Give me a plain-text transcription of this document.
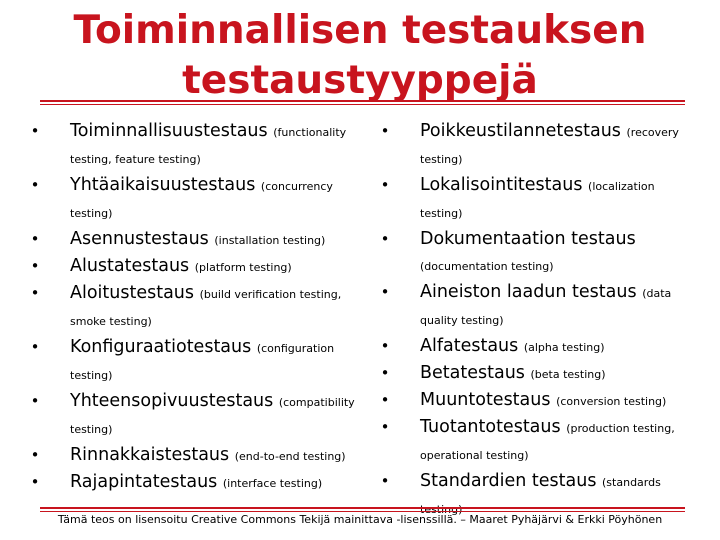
Toiminnallisen testauksen
testaustyyppejä
• Toiminnallisuustestaus (functionality testing, feature testing)
• Yhtäaikaisuustestaus (concurrency testing)
• Asennustestaus (installation testing)
• Alustatestaus (platform testing)
• Aloitustestaus (build verification testing, smoke testing)
• Konfiguraatiotestaus (configuration testing)
• Yhteensopivuustestaus (compatibility testing)
• Rinnakkaistestaus (end-to-end testing)
• Rajapintatestaus (interface testing)
• Poikkeustilannetestaus (recovery testing)
• Lokalisointitestaus (localization testing)
• Dokumentaation testaus (documentation testing)
• Aineiston laadun testaus (data quality testing)
• Alfatestaus (alpha testing)
• Betatestaus (beta testing)
• Muuntotestaus (conversion testing)
• Tuotantotestaus (production testing, operational testing)
• Standardien testaus (standards testing)
Tämä teos on lisensoitu Creative Commons Tekijä mainittava -lisenssillä. – Maaret Pyhäjärvi & Erkki Pöyhönen
